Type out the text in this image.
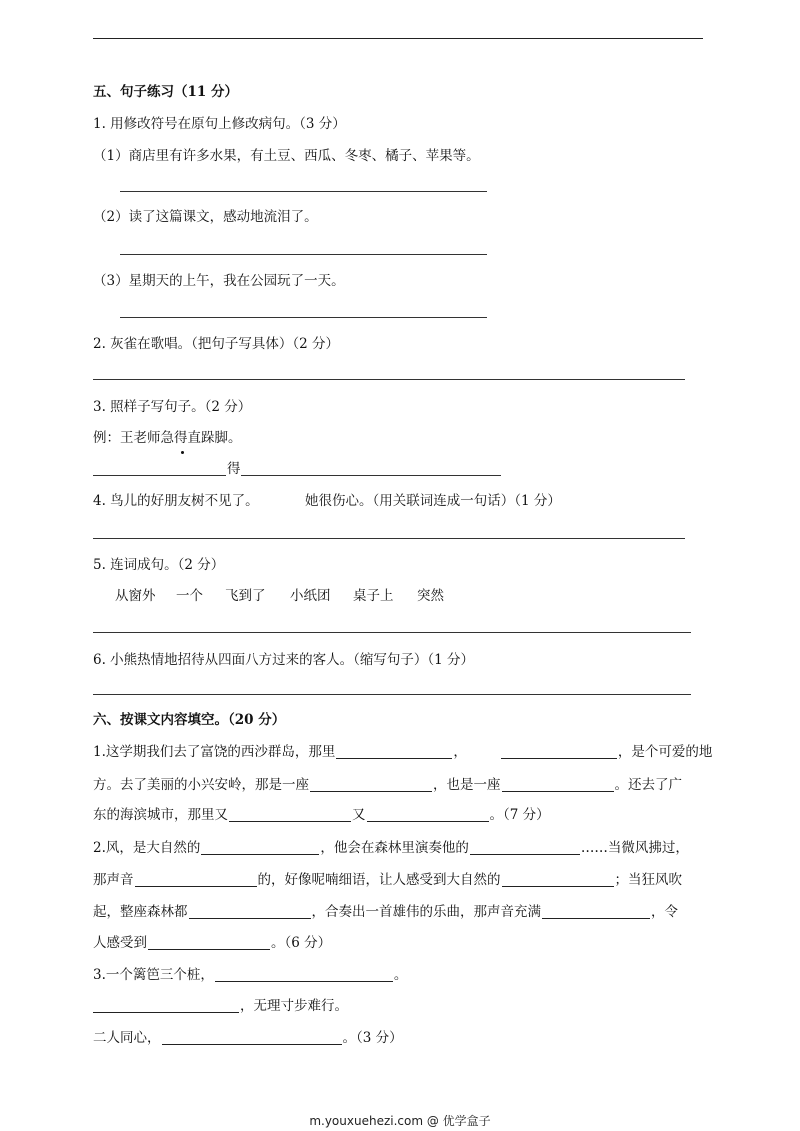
五、句子练习（11 分）
1. 用修改符号在原句上修改病句。（3 分）
（1）商店里有许多水果，有土豆、西瓜、冬枣、橘子、苹果等。
（2）读了这篇课文，感动地流泪了。
（3）星期天的上午，我在公园玩了一天。
2. 灰雀在歌唱。（把句子写具体）（2 分）
3. 照样子写句子。（2 分）
例：王老师急得直跺脚。
得
4. 鸟儿的好朋友树不见了。	她很伤心。（用关联词连成一句话）（1 分）
5. 连词成句。（2 分）
从窗外 一个 飞到了 小纸团 桌子上 突然
6. 小熊热情地招待从四面八方过来的客人。（缩写句子）（1 分）
六、按课文内容填空。（20 分）
1.这学期我们去了富饶的西沙群岛，那里	，	，是个可爱的地
方。去了美丽的小兴安岭，那是一座	，也是一座	。还去了广
东的海滨城市，那里又	又	。（7 分）
2.风，是大自然的	，他会在森林里演奏他的	……当微风拂过，
那声音	的，好像呢喃细语，让人感受到大自然的	；当狂风吹
起，整座森林都	，合奏出一首雄伟的乐曲，那声音充满	，令
人感受到	。（6 分）
3.一个篱笆三个桩，	。
，无理寸步难行。
二人同心，	。（3 分）
m.youxuehezi.com @ 优学盒子
